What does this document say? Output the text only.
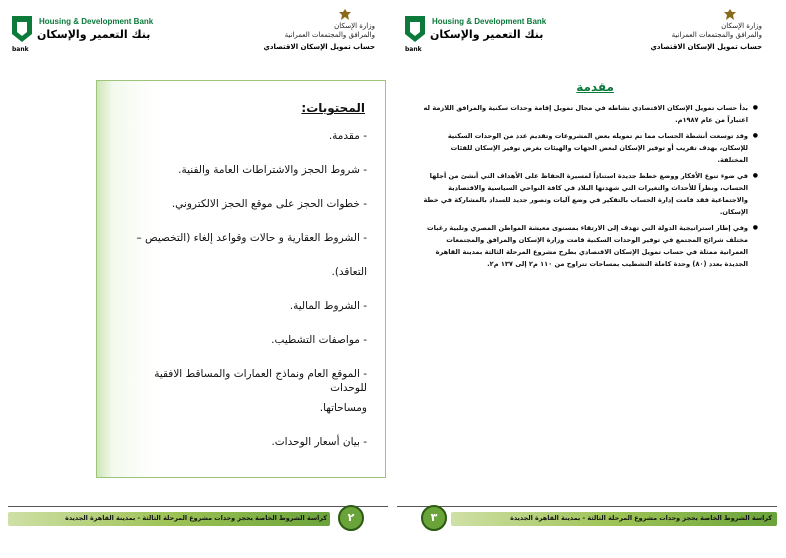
bank
Housing & Development Bank
بنك التعمير والإسكان
وزارة الإسكان
والمرافق والمجتمعات العمرانية
حساب تمويل الإسكان الاقتصادي
المحتويات:
- مقدمة.
- شروط الحجز والاشتراطات العامة والفنية.
- خطوات الحجز على موقع الحجز الالكتروني.
- الشروط العقارية و حالات وقواعد إلغاء (التخصيص –
التعاقد).
- الشروط المالية.
- مواصفات التشطيب.
- الموقع العام ونماذج العمارات والمساقط الافقية للوحدات
ومساحاتها.
- بيان أسعار الوحدات.
كراسة الشروط الخاصة بحجز وحدات مشروع المرحلة الثالثة - بمدينة القاهرة الجديدة	٢
bank
Housing & Development Bank
بنك التعمير والإسكان
وزارة الإسكان
والمرافق والمجتمعات العمرانية
حساب تمويل الإسكان الاقتصادي
مقدمة
● بدأ حساب تمويل الإسكان الاقتصادي نشاطه في مجال تمويل إقامة وحدات سكنية والمرافق اللازمة له اعتباراً من عام ١٩٨٧م.
● وقد توسعت أنشطة الحساب مما تم تمويله بعض المشروعات وتقديم عدد من الوحدات السكنية للإسكان، بهدف تقريب أو توفير الإسكان لبعض الجهات والهيئات بغرض توفير الإسكان للفئات المختلفة.
● في ضوء تنوع الأفكار ووضع خطط جديدة استناداً لمسيرة الحفاظ على الأهداف التي أنشئ من أجلها الحساب، ونظراً للأحداث والتغيرات التي شهدتها البلاد في كافة النواحي السياسية والاقتصادية والاجتماعية فقد قامت إدارة الحساب بالتفكير في وضع آليات وتصور جديد للسداد بالمشاركة في خطة الإسكان.
● وفي إطار استراتيجية الدولة التي تهدف إلى الارتقاء بمستوى معيشة المواطن المصري وتلبية رغبات مختلف شرائح المجتمع في توفير الوحدات السكنية قامت وزارة الإسكان والمرافق والمجتمعات العمرانية ممثلة في حساب تمويل الإسكان الاقتصادي بطرح مشروع المرحلة الثالثة بمدينة القاهرة الجديدة بعدد (٨٠) وحدة كاملة التشطيب بمساحات تتراوح من ١١٠ م٢ إلى ١٣٧ م٢.
٣	كراسة الشروط الخاصة بحجز وحدات مشروع المرحلة الثالثة - بمدينة القاهرة الجديدة
